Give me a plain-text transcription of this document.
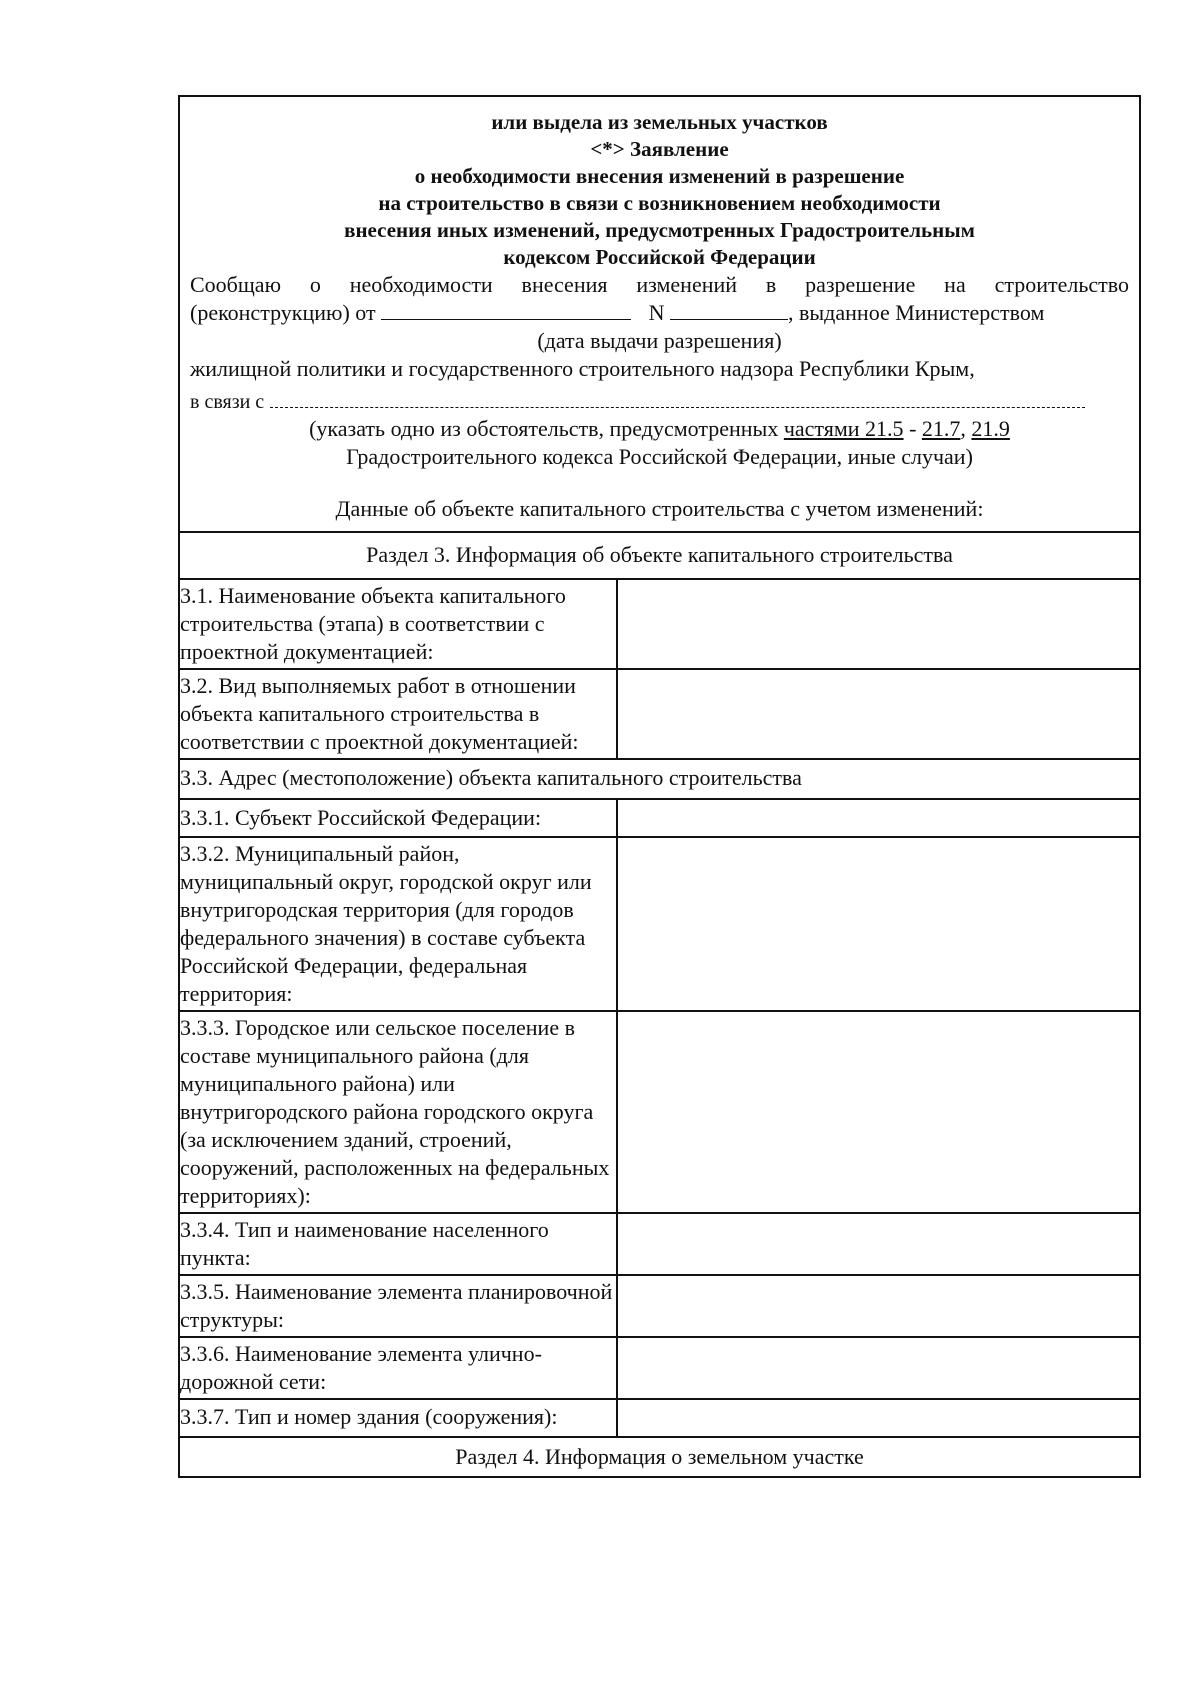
или выдела из земельных участков
<*> Заявление
о необходимости внесения изменений в разрешение
на строительство в связи с возникновением необходимости
внесения иных изменений, предусмотренных Градостроительным
кодексом Российской Федерации
Сообщаю о необходимости внесения изменений в разрешение на строительство
(реконструкцию) от	N	, выданное Министерством
(дата выдачи разрешения)
жилищной политики и государственного строительного надзора Республики Крым,
в связи с
(указать одно из обстоятельств, предусмотренных частями 21.5 - 21.7, 21.9
Градостроительного кодекса Российской Федерации, иные случаи)
Данные об объекте капитального строительства с учетом изменений:
Раздел 3. Информация об объекте капитального строительства
3.1. Наименование объекта капитального строительства (этапа) в соответствии с проектной документацией:
3.2. Вид выполняемых работ в отношении объекта капитального строительства в соответствии с проектной документацией:
3.3. Адрес (местоположение) объекта капитального строительства
3.3.1. Субъект Российской Федерации:
3.3.2. Муниципальный район, муниципальный округ, городской округ или внутригородская территория (для городов федерального значения) в составе субъекта Российской Федерации, федеральная территория:
3.3.3. Городское или сельское поселение в составе муниципального района (для муниципального района) или внутригородского района городского округа (за исключением зданий, строений, сооружений, расположенных на федеральных территориях):
3.3.4. Тип и наименование населенного пункта:
3.3.5. Наименование элемента планировочной структуры:
3.3.6. Наименование элемента улично-дорожной сети:
3.3.7. Тип и номер здания (сооружения):
Раздел 4. Информация о земельном участке
